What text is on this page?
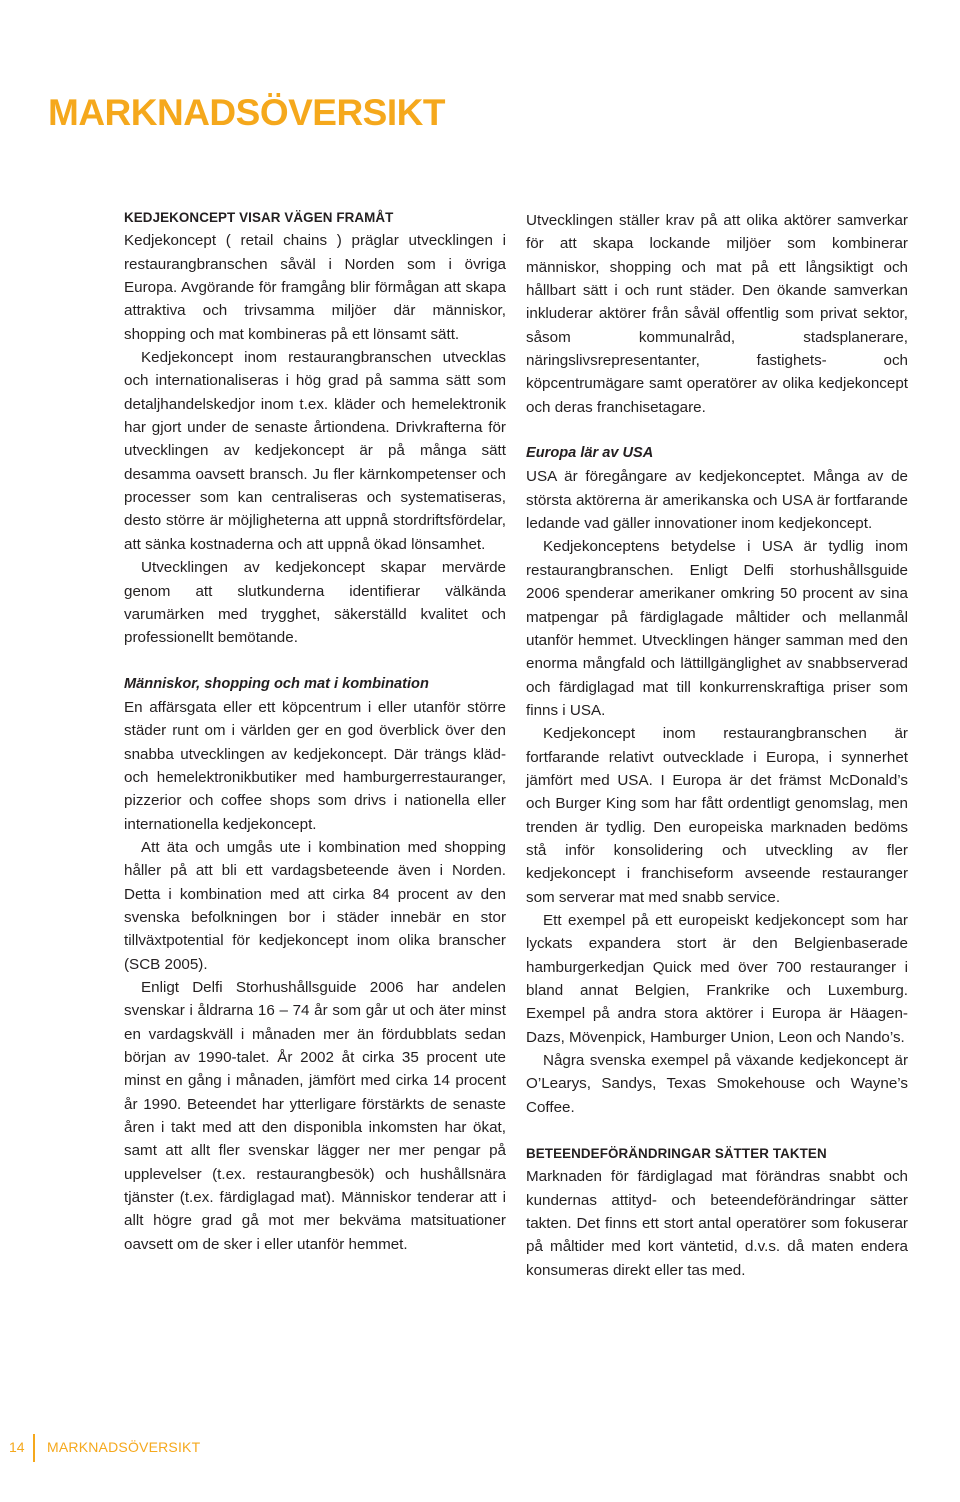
MARKNADSÖVERSIKT

KEDJEKONCEPT VISAR VÄGEN FRAMÅT

Kedjekoncept ( retail chains ) präglar utvecklingen i restaurangbranschen såväl i Norden som i övriga Europa. Avgörande för framgång blir förmågan att skapa attraktiva och trivsamma miljöer där människor, shopping och mat kombineras på ett lönsamt sätt.

Kedjekoncept inom restaurangbranschen utvecklas och internationaliseras i hög grad på samma sätt som detaljhandelskedjor inom t.ex. kläder och hemelektronik har gjort under de senaste årtiondena. Drivkrafterna för utvecklingen av kedjekoncept är på många sätt desamma oavsett bransch. Ju fler kärnkompetenser och processer som kan centraliseras och systematiseras, desto större är möjligheterna att uppnå stordriftsfördelar, att sänka kostnaderna och att uppnå ökad lönsamhet.

Utvecklingen av kedjekoncept skapar mervärde genom att slutkunderna identifierar välkända varumärken med trygghet, säkerställd kvalitet och professionellt bemötande.

Människor, shopping och mat i kombination

En affärsgata eller ett köpcentrum i eller utanför större städer runt om i världen ger en god överblick över den snabba utvecklingen av kedjekoncept. Där trängs kläd- och hemelektronikbutiker med hamburgerrestauranger, pizzerior och coffee shops som drivs i nationella eller internationella kedjekoncept.

Att äta och umgås ute i kombination med shopping håller på att bli ett vardagsbeteende även i Norden. Detta i kombination med att cirka 84 procent av den svenska befolkningen bor i städer innebär en stor tillväxtpotential för kedjekoncept inom olika branscher (SCB 2005).

Enligt Delfi Storhushållsguide 2006 har andelen svenskar i åldrarna 16 – 74 år som går ut och äter minst en vardagskväll i månaden mer än fördubblats sedan början av 1990-talet. År 2002 åt cirka 35 procent ute minst en gång i månaden, jämfört med cirka 14 procent år 1990. Beteendet har ytterligare förstärkts de senaste åren i takt med att den disponibla inkomsten har ökat, samt att allt fler svenskar lägger ner mer pengar på upplevelser (t.ex. restaurangbesök) och hushållsnära tjänster (t.ex. färdiglagad mat). Människor tenderar att i allt högre grad gå mot mer bekväma matsituationer oavsett om de sker i eller utanför hemmet.

Utvecklingen ställer krav på att olika aktörer samverkar för att skapa lockande miljöer som kombinerar människor, shopping och mat på ett långsiktigt och hållbart sätt i och runt städer. Den ökande samverkan inkluderar aktörer från såväl offentlig som privat sektor, såsom kommunalråd, stadsplanerare, näringslivsrepresentanter, fastighets- och köpcentrumägare samt operatörer av olika kedjekoncept och deras franchisetagare.

Europa lär av USA

USA är föregångare av kedjekonceptet. Många av de största aktörerna är amerikanska och USA är fortfarande ledande vad gäller innovationer inom kedjekoncept.

Kedjekonceptens betydelse i USA är tydlig inom restaurangbranschen. Enligt Delfi storhushållsguide 2006 spenderar amerikaner omkring 50 procent av sina matpengar på färdiglagade måltider och mellanmål utanför hemmet. Utvecklingen hänger samman med den enorma mångfald och lättillgänglighet av snabbserverad och färdiglagad mat till konkurrenskraftiga priser som finns i USA.

Kedjekoncept inom restaurangbranschen är fortfarande relativt outvecklade i Europa, i synnerhet jämfört med USA. I Europa är det främst McDonald’s och Burger King som har fått ordentligt genomslag, men trenden är tydlig. Den europeiska marknaden bedöms stå inför konsolidering och utveckling av fler kedjekoncept i franchiseform avseende restauranger som serverar mat med snabb service.

Ett exempel på ett europeiskt kedjekoncept som har lyckats expandera stort är den Belgienbaserade hamburgerkedjan Quick med över 700 restauranger i bland annat Belgien, Frankrike och Luxemburg. Exempel på andra stora aktörer i Europa är Häagen-Dazs, Mövenpick, Hamburger Union, Leon och Nando’s.

Några svenska exempel på växande kedjekoncept är O’Learys, Sandys, Texas Smokehouse och Wayne’s Coffee.

BETEENDEFÖRÄNDRINGAR SÄTTER TAKTEN

Marknaden för färdiglagad mat förändras snabbt och kundernas attityd- och beteendeförändringar sätter takten. Det finns ett stort antal operatörer som fokuserar på måltider med kort väntetid, d.v.s. då maten endera konsumeras direkt eller tas med.

14 MARKNADSÖVERSIKT
